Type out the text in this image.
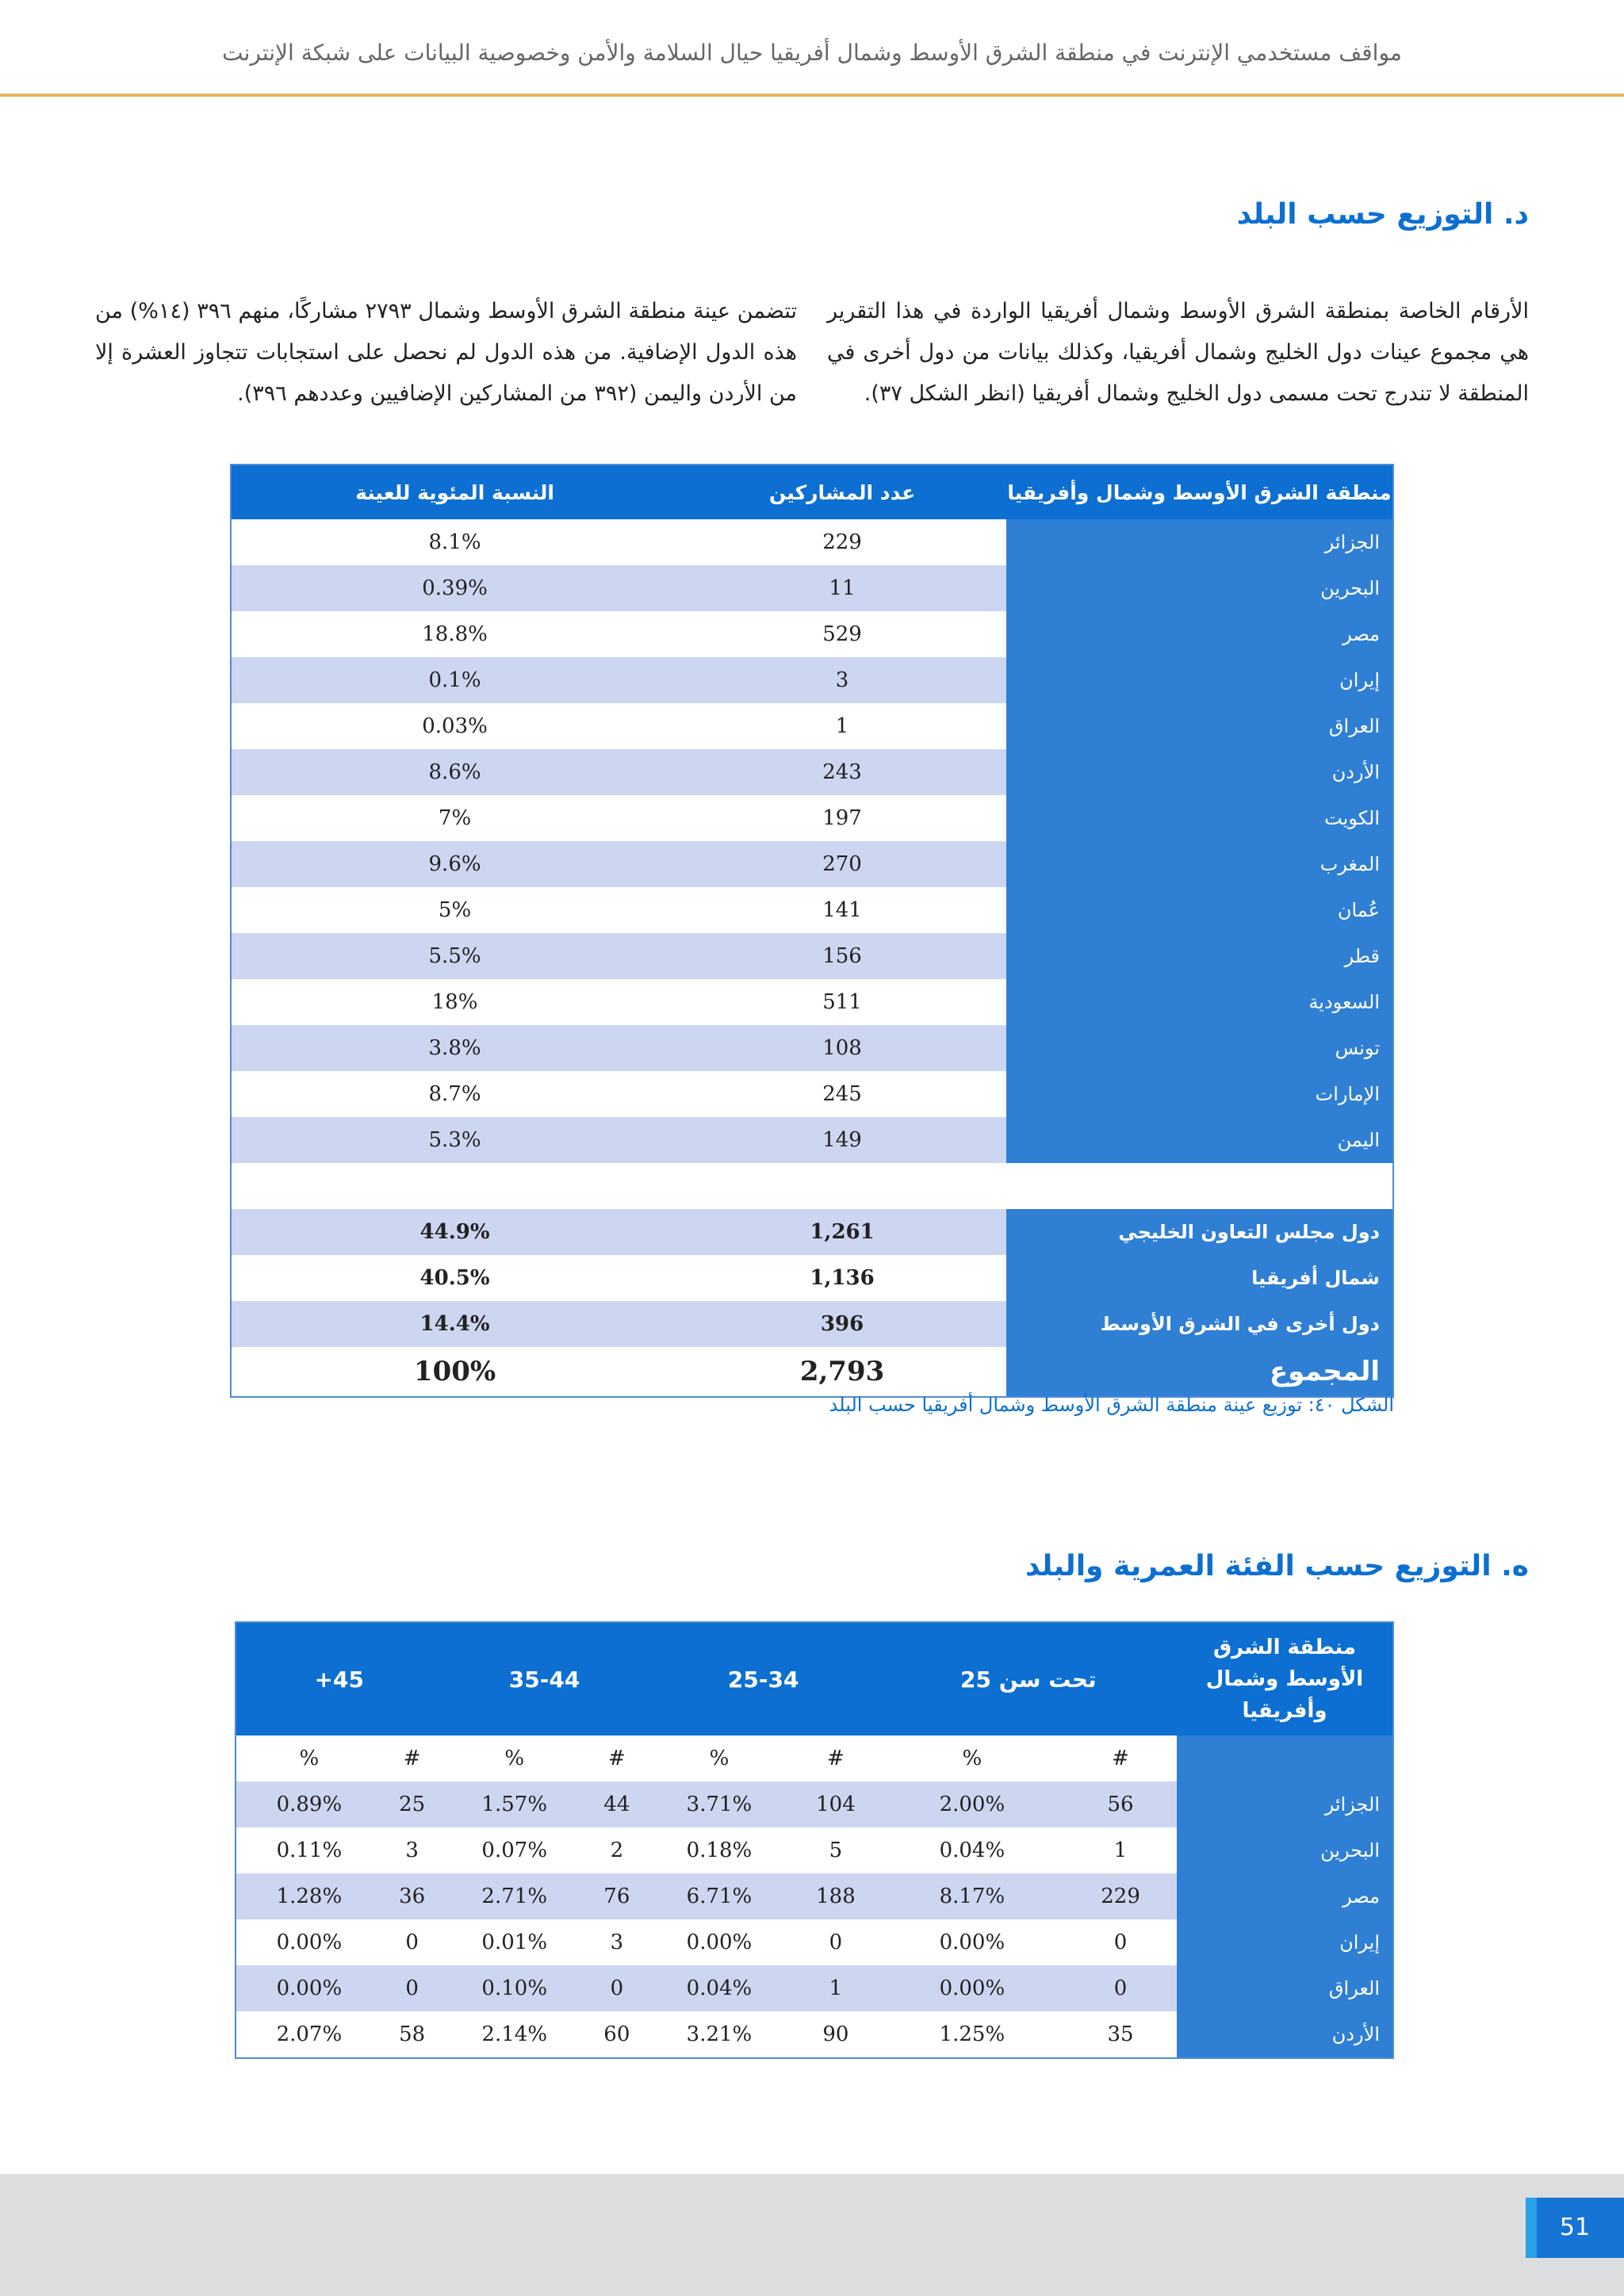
مواقف مستخدمي الإنترنت في منطقة الشرق الأوسط وشمال أفريقيا حيال السلامة والأمن وخصوصية البيانات على شبكة الإنترنت
د. التوزيع حسب البلد

الأرقام الخاصة بمنطقة الشرق الأوسط وشمال أفريقيا الواردة في هذا التقرير هي مجموع عينات دول الخليج وشمال أفريقيا، وكذلك بيانات من دول أخرى في المنطقة لا تندرج تحت مسمى دول الخليج وشمال أفريقيا (انظر الشكل ٣٧).

تتضمن عينة منطقة الشرق الأوسط وشمال ٢٧٩٣ مشاركًا، منهم ٣٩٦ (١٤%) من هذه الدول الإضافية. من هذه الدول لم نحصل على استجابات تتجاوز العشرة إلا من الأردن واليمن (٣٩٢ من المشاركين الإضافيين وعددهم ٣٩٦).

منطقة الشرق الأوسط وشمال وأفريقيا	عدد المشاركين	النسبة المئوية للعينة
الجزائر	229	8.1%
البحرين	11	0.39%
مصر	529	18.8%
إيران	3	0.1%
العراق	1	0.03%
الأردن	243	8.6%
الكويت	197	7%
المغرب	270	9.6%
عُمان	141	5%
قطر	156	5.5%
السعودية	511	18%
تونس	108	3.8%
الإمارات	245	8.7%
اليمن	149	5.3%

دول مجلس التعاون الخليجي	1,261	44.9%
شمال أفريقيا	1,136	40.5%
دول أخرى في الشرق الأوسط	396	14.4%
المجموع	2,793	100%
الشكل ٤٠: توزيع عينة منطقة الشرق الأوسط وشمال أفريقيا حسب البلد
ه. التوزيع حسب الفئة العمرية والبلد
منطقة الشرق الأوسط وشمال وأفريقيا	تحت سن 25		25-34		35-44		45+	
	#	%	#	%	#	%	#	%
الجزائر	56	2.00%	104	3.71%	44	1.57%	25	0.89%
البحرين	1	0.04%	5	0.18%	2	0.07%	3	0.11%
مصر	229	8.17%	188	6.71%	76	2.71%	36	1.28%
إيران	0	0.00%	0	0.00%	3	0.01%	0	0.00%
العراق	0	0.00%	1	0.04%	0	0.10%	0	0.00%
الأردن	35	1.25%	90	3.21%	60	2.14%	58	2.07%
51
